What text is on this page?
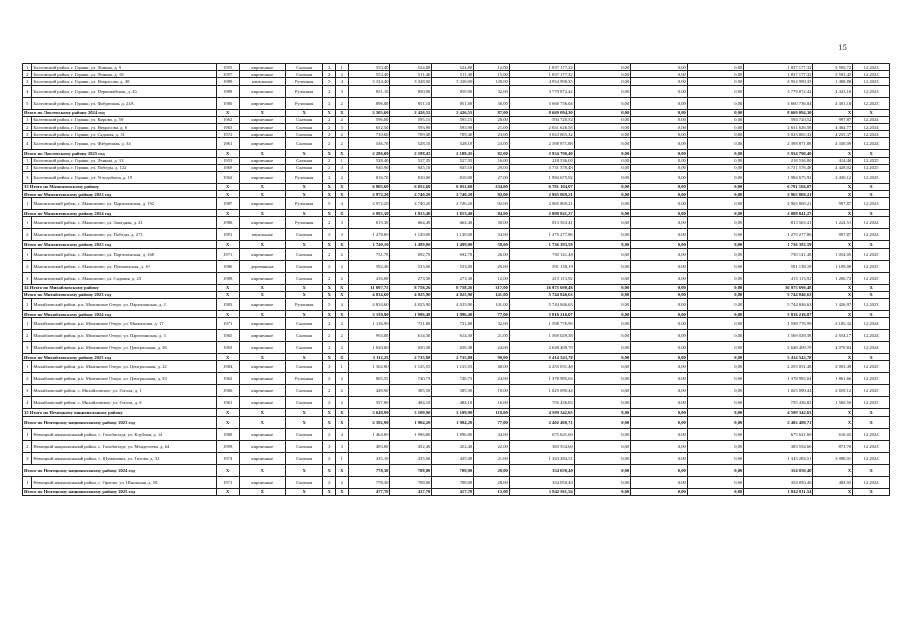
15
1	Болтовский район, г. Горняк, ул. Ленина, д. 9	1955	кирпичные	Скатная	2	1	553,40	524,80	524,80	12,00	1 837 177,32	0,00	0,00	0,00	1 837 177,32	3 500,72	12.2023
2	Болтовский район, г. Горняк, ул. Ленина, д. 18	1957	кирпичные	Скатная	2	2	553,40	511,40	511,40	15,00	1 837 177,32	0,00	0,00	0,00	1 837 177,32	3 592,45	12.2023
3	Болтовский район, г. Горняк, ул. Некрасова, д. 48	1989	панельные	Рулонная	5	4	3 334,40	3 328,00	3 328,00	129,00	4 954 990,35	0,00	0,00	0,00	4 954 990,35	1 488,88	12.2023
4	Болтовский район, г. Горняк, ул. Первомайская, д. 43	1989	кирпичные	Рулонная	2	3	851,10	850,90	850,90	32,00	3 779 872,42	0,00	0,00	0,00	3 779 872,42	4 441,16	12.2023
5	Болтовский район, г. Горняк, ул. Фабричная, д. 24А	1980	кирпичные	Рулонная	2	2	896,00	851,10	851,00	30,00	3 660 736,04	0,00	0,00	0,00	3 660 736,04	4 301,18	12.2023
Итого по Локтевскому району 2024 год		Х	Х	Х	Х	Х	2 505,60	2 426,55	2 426,55	87,00	8 669 094,30	0,00	0,00	0,00	8 669 094,30	Х	Х
1	Болтовский район, г. Горняк, ул. Кирова, д. 59	1962	кирпичные	Скатная	2	2	596,00	595,15	595,15	20,00	594 720,52	0,00	0,00	0,00	594 720,52	997,87	12.2024
2	Болтовский район, г. Горняк, ул. Некрасова, д. 6	1963	кирпичные	Скатная	2	3	652,50	593,90	593,90	21,00	2 651 626,58	0,00	0,00	0,00	2 651 626,58	4 464,77	12.2024
3	Болтовский район, г. Горняк, ул. Садовая, д. 31	1972	кирпичные	Скатная	2	2	710,60	709,40	709,40	23,00	3 023 865,32	0,00	0,00	0,00	3 023 865,32	4 255,37	12.2024
4	Болтовский район, г. Горняк, ул. Фабричная, д. 34	1961	кирпичные	Скатная	2	2	546,70	528,10	528,10	23,00	2 398 871,88	0,00	0,00	0,00	2 398 871,88	4 330,09	12.2024
Итого по Локтевскому району 2025 год		Х	Х	Х	Х	Х	2 286,00	2 188,45	2 188,45	82,00	5 934 790,40	0,00	0,00	0,00	5 934 790,40	Х	Х
1	Болтовский район, г. Горняк, ул. Ленина, д. 13	1953	кирпичные	Скатная	2	1	528,40	527,35	527,35	16,00	218 536,00	0,00	0,00	0,00	218 536,00	414,40	12.2025
2	Болтовский район, г. Горняк, ул. Победы, д. 122	1969	кирпичные	Скатная	2	3	940,90	845,10	845,10	29,00	3 731 578,48	0,00	0,00	0,00	3 731 578,48	4 428,02	12.2025
3	Болтовский район, г. Горняк, ул. Угледобыча, д. 19	1962	кирпичные	Рулонная	2	2	816,70	810,00	810,00	27,00	1 984 675,92	0,00	0,00	0,00	1 984 675,92	2 430,12	12.2025
33 Итого по Мамонтовскому району		Х	Х	Х	Х	Х	6 805,60	6 052,60	6 052,60	234,00	6 791 104,07	0,00	0,00	0,00	6 791 104,07	Х	Х
Итого по Мамонтовскому району 2023 год		Х	Х	Х	Х	Х	2 972,20	2 740,20	2 740,20	92,00	2 965 869,21	0,00	0,00	0,00	2 965 869,21	Х	Х
1	Мамонтовский район, с. Мамонтово, ул. Партизанская, д. 192	1987	кирпичные	Рулонная	5	4	2 972,20	2 740,20	2 740,20	92,00	2 965 869,21	0,00	0,00	0,00	2 965 869,21	997,87	12.2023
Итого по Мамонтовскому району 2024 год		Х	Х	Х	Х	Х	2 093,30	1 813,40	1 813,40	84,00	2 088 841,27	0,00	0,00	0,00	2 088 841,27	Х	Х
1	Мамонтовский район, с. Мамонтово, ул. Западная, д. 41	1986	кирпичные	Рулонная	2	3	815,30	664,40	664,40	30,00	813 563,41	0,00	0,00	0,00	813 563,41	1 224,51	12.2024
2	Мамонтовский район, с. Мамонтово, ул. Победы, д. 271	1991	панельные	Скатная	3	3	1 278,00	1 149,00	1 149,00	54,00	1 275 277,86	0,00	0,00	0,00	1 275 277,86	997,87	12.2024
Итого по Мамонтовскому району 2025 год		Х	Х	Х	Х	Х	1 740,10	1 499,00	1 499,00	58,00	1 736 393,59	0,00	0,00	0,00	1 736 393,59	Х	Х
1	Мамонтовский район, с. Мамонтово, ул. Партизанская, д. 168	1971	кирпичные	Скатная	2	2	731,70	692,70	692,70	26,00	730 141,48	0,00	0,00	0,00	730 141,48	1 054,05	12.2025
2	Мамонтовский район, с. Мамонтово, ул. Пушкинская, д. 10	1986	деревянные	Скатная	2	2	592,40	533,00	533,00	20,00	591 138,19	0,00	0,00	0,00	591 138,19	1 109,08	12.2025
3	Мамонтовский район, с. Мамонтово, ул. Садовая, д. 23	1989	кирпичные	Скатная	2	2	416,00	273,30	273,30	12,00	415 113,92	0,00	0,00	0,00	415 113,92	1 206,73	12.2025
34 Итого по Михайловскому району		Х	Х	Х	Х	Х	11 097,75	8 758,26	8 758,26	317,00	16 975 690,48	0,00	0,00	0,00	16 975 690,48	Х	Х
Итого по Михайловскому району 2023 год		Х	Х	Х	Х	Х	4 834,60	4 025,90	4 025,90	141,00	5 744 846,63	0,00	0,00	0,00	5 744 846,63	Х	Х
1	Михайловский район, р.п. Малиновое Озеро, ул. Партизанская, д. 2	1983	кирпичные	Рулонная	5	4	4 834,60	4 025,90	4 025,90	141,00	5 744 846,63	0,00	0,00	0,00	5 744 846,63	1 426,97	12.2023
Итого по Михайловскому району 2024 год		Х	Х	Х	Х	Х	3 150,90	1 996,48	1 996,48	77,00	5 816 216,07	0,00	0,00	0,00	5 816 216,07	Х	Х
1	Михайловский район, р.п. Малиновое Озеро, ул. Мамонтова, д. 17	1971	кирпичные	Скатная	2	2	1 136,90	731,80	731,80	32,00	1 598 776,99	0,00	0,00	0,00	1 598 776,99	2 185,32	12.2024
2	Михайловский район, р.п. Малиновое Озеро, ул. Партизанская, д. 3	1965	кирпичные	Скатная	2	2	994,00	614,30	614,30	21,00	1 569 029,38	0,00	0,00	0,00	1 569 029,38	2 554,17	12.2024
3	Михайловский район, р.п. Малиновое Озеро, ул. Центральная, д. 36	1963	кирпичные	Скатная	2	2	1 020,00	650,38	650,38	24,00	2 648 409,70	0,00	0,00	0,00	2 648 409,70	4 070,84	12.2024
Итого по Михайловскому району 2025 год		Х	Х	Х	Х	Х	3 112,25	2 735,88	2 735,88	99,00	5 414 543,78	0,00	0,00	0,00	5 414 543,78	Х	Х
1	Михайловский район, р.п. Малиновое Озеро, ул. Центральная, д. 22	1984	кирпичные	Скатная	3	1	1 302,80	1 125,55	1 125,55	40,00	2 255 031,48	0,00	0,00	0,00	2 255 031,48	2 003,49	12.2025
2	Михайловский район, р.п. Малиновое Озеро, ул. Центральная, д. 33	1962	кирпичные	Рулонная	2	2	805,55	740,73	740,73	24,00	1 378 985,04	0,00	0,00	0,00	1 378 985,04	1 861,66	12.2025
3	Михайловский район, с. Михайловское, ул. Гоголя, д. 1	1960	кирпичные	Скатная	2	2	448,90	385,50	385,50	19,00	1 025 090,44	0,00	0,00	0,00	1 025 090,44	2 659,12	12.2025
4	Михайловский район, с. Михайловское, ул. Гоголя, д. 8	1961	кирпичные	Скатная	2	2	557,00	484,10	484,10	16,00	755 436,82	0,00	0,00	0,00	755 436,82	1 560,50	12.2025
35 Итого по Немецкому национальному району		Х	Х	Х	Х	Х	3 648,90	3 109,90	3 109,90	118,00	4 599 342,65	0,00	0,00	0,00	4 599 342,65	Х	Х
Итого по Немецкому национальному району 2023 год		Х	Х	Х	Х	Х	2 392,90	1 984,20	1 984,20	77,00	2 402 480,71	0,00	0,00	0,00	2 402 480,71	Х	Х
1	Немецкий национальный район, с. Гальбштадт, ул. Клубная, д. 14	1980	кирпичные	Скатная	2	4	1 464,00	1 096,80	1 096,80	34,00	675 641,60	0,00	0,00	0,00	675 641,60	616,02	12.2023
2	Немецкий национальный район, с. Гальбштадт, ул. Менделеева, д. 64	1999	кирпичные	Скатная	3	3	493,80	452,40	452,40	22,00	383 554,60	0,00	0,00	0,00	383 554,60	873,70	12.2023
3	Немецкий национальный район, с. Шумановка, ул. Титова, д. 32	1974	кирпичные	Скатная	2	1	435,10	435,00	435,00	21,00	1 343 284,51	0,00	0,00	0,00	1 343 284,51	3 088,01	12.2023
Итого по Немецкому национальному району 2024 год		Х	Х	Х	Х	Х	778,30	708,00	708,00	28,00	354 050,40	0,00	0,00	0,00	354 050,40	Х	Х
1	Немецкий национальный район, с. Орлово, ул. Школьная, д. 58	1971	кирпичные	Скатная	2	2	778,30	708,00	708,00	28,00	354 050,40	0,00	0,00	0,00	354 050,40	484,93	12.2024
Итого по Немецкому национальному району 2025 год		Х	Х	Х	Х	Х	477,70	417,70	417,70	13,00	1 842 811,54	0,00	0,00	0,00	1 842 811,54	Х	Х
